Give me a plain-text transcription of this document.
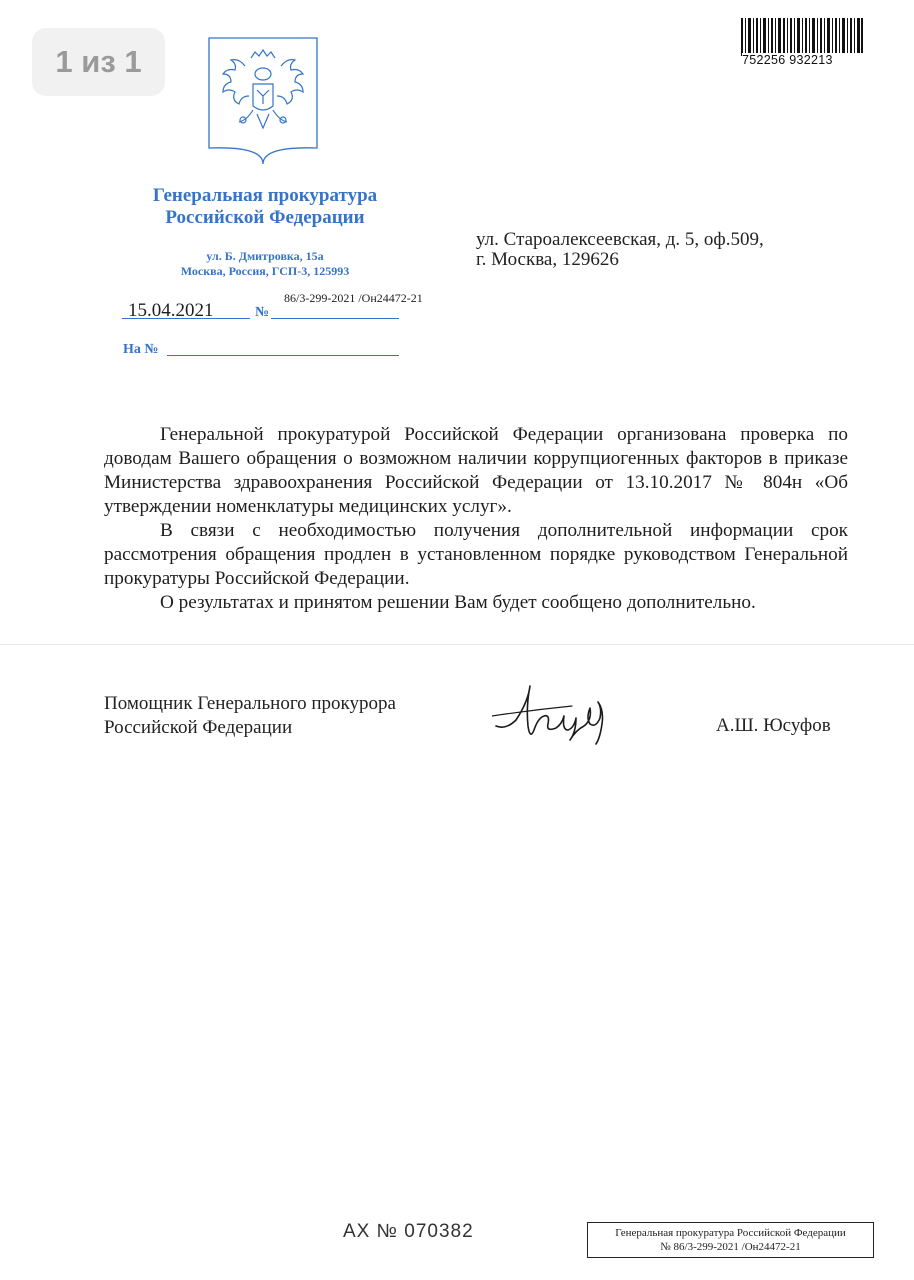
1 из 1
Генеральная прокуратура
Российской Федерации
ул. Б. Дмитровка, 15а
Москва, Россия, ГСП-3, 125993
752256 932213
ул. Староалексеевская, д. 5, оф.509,
г. Москва, 129626
15.04.2021	№
86/3-299-2021 /Он24472-21
На №

Генеральной прокуратурой Российской Федерации организована проверка по доводам Вашего обращения о возможном наличии коррупциогенных факторов в приказе Министерства здравоохранения Российской Федерации от 13.10.2017 № 804н «Об утверждении номенклатуры медицинских услуг».

В связи с необходимостью получения дополнительной информации срок рассмотрения обращения продлен в установленном порядке руководством Генеральной прокуратуры Российской Федерации.

О результатах и принятом решении Вам будет сообщено дополнительно.

Помощник Генерального прокурора
Российской Федерации	А.Ш. Юсуфов
АХ № 070382	Генеральная прокуратура Российской Федерации
№ 86/3-299-2021 /Он24472-21
